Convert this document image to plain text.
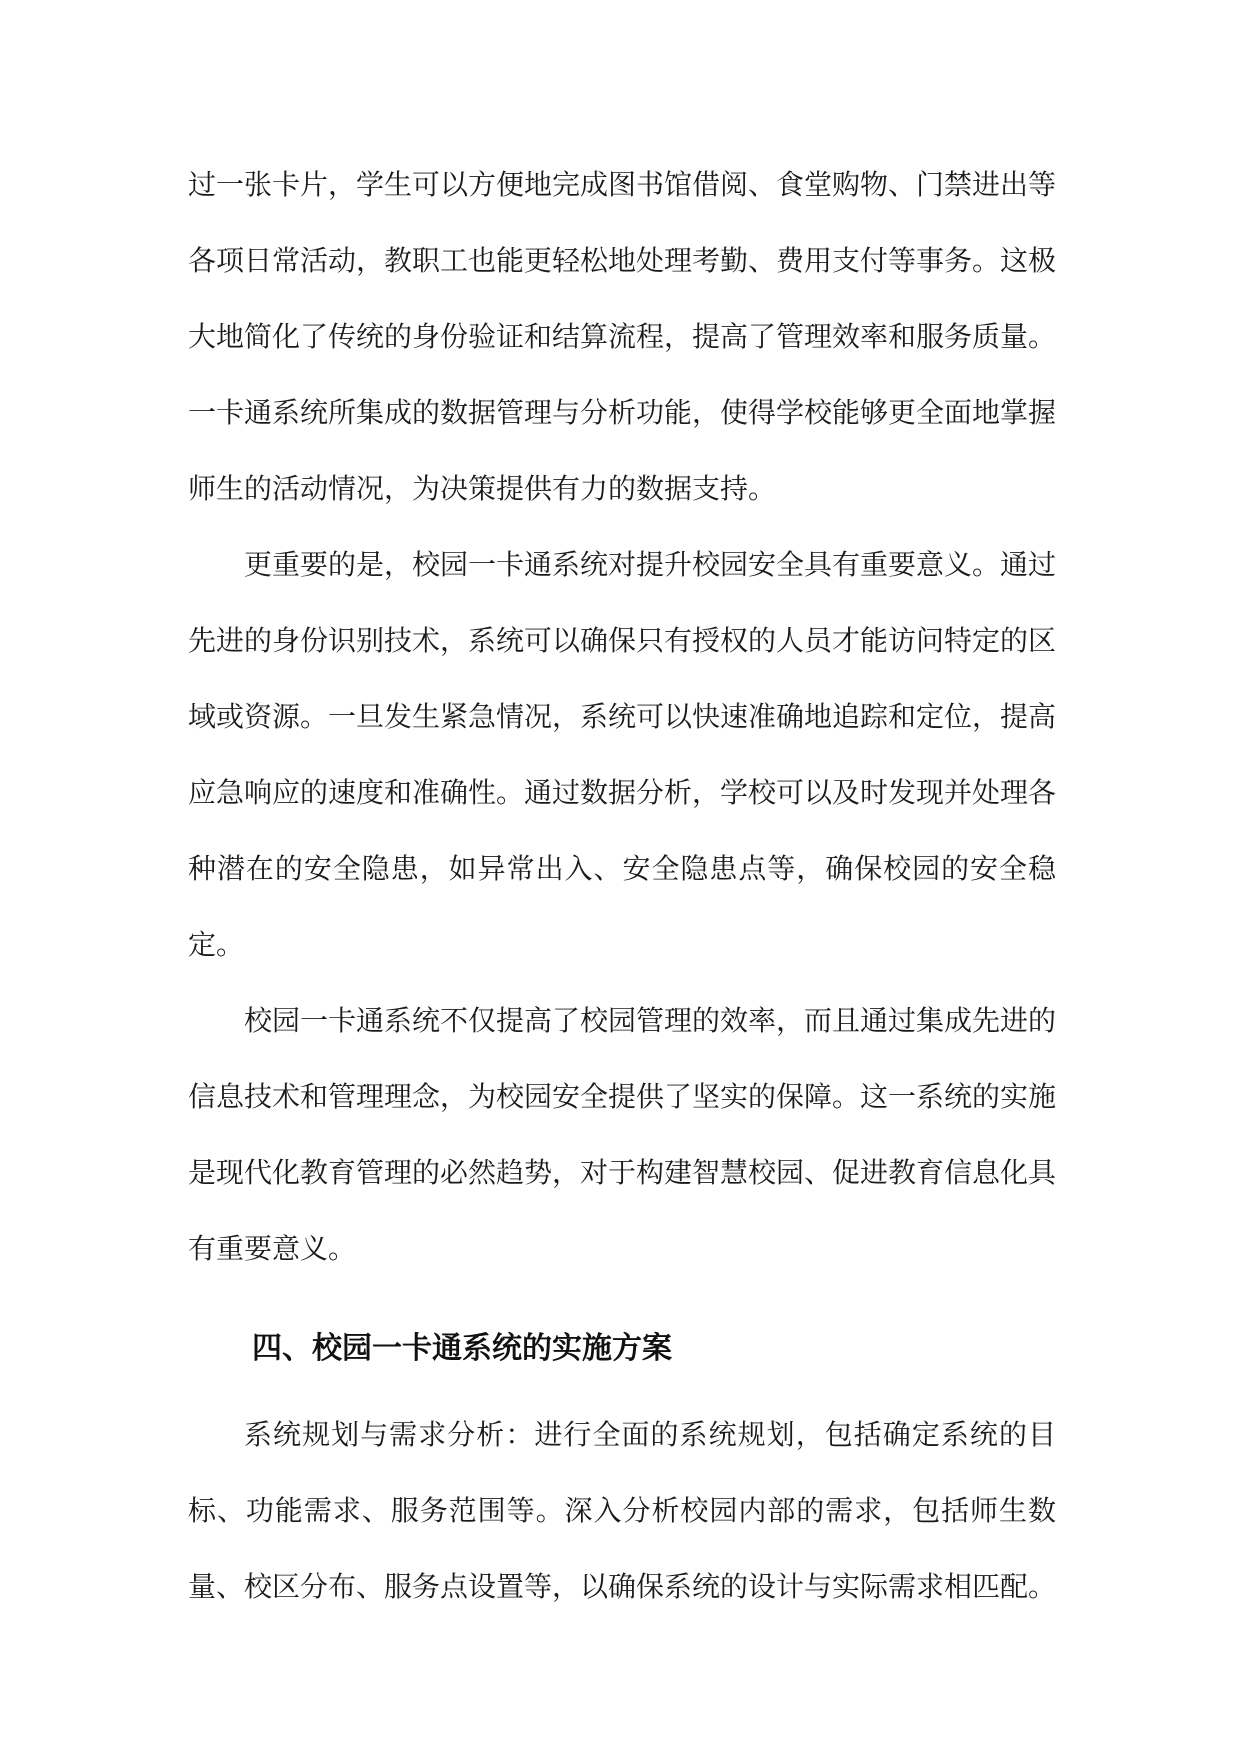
过一张卡片，学生可以方便地完成图书馆借阅、食堂购物、门禁进出等各项日常活动，教职工也能更轻松地处理考勤、费用支付等事务。这极大地简化了传统的身份验证和结算流程，提高了管理效率和服务质量。一卡通系统所集成的数据管理与分析功能，使得学校能够更全面地掌握师生的活动情况，为决策提供有力的数据支持。

更重要的是，校园一卡通系统对提升校园安全具有重要意义。通过先进的身份识别技术，系统可以确保只有授权的人员才能访问特定的区域或资源。一旦发生紧急情况，系统可以快速准确地追踪和定位，提高应急响应的速度和准确性。通过数据分析，学校可以及时发现并处理各种潜在的安全隐患，如异常出入、安全隐患点等，确保校园的安全稳定。

校园一卡通系统不仅提高了校园管理的效率，而且通过集成先进的信息技术和管理理念，为校园安全提供了坚实的保障。这一系统的实施是现代化教育管理的必然趋势，对于构建智慧校园、促进教育信息化具有重要意义。

四、校园一卡通系统的实施方案

系统规划与需求分析：进行全面的系统规划，包括确定系统的目标、功能需求、服务范围等。深入分析校园内部的需求，包括师生数量、校区分布、服务点设置等，以确保系统的设计与实际需求相匹配。
